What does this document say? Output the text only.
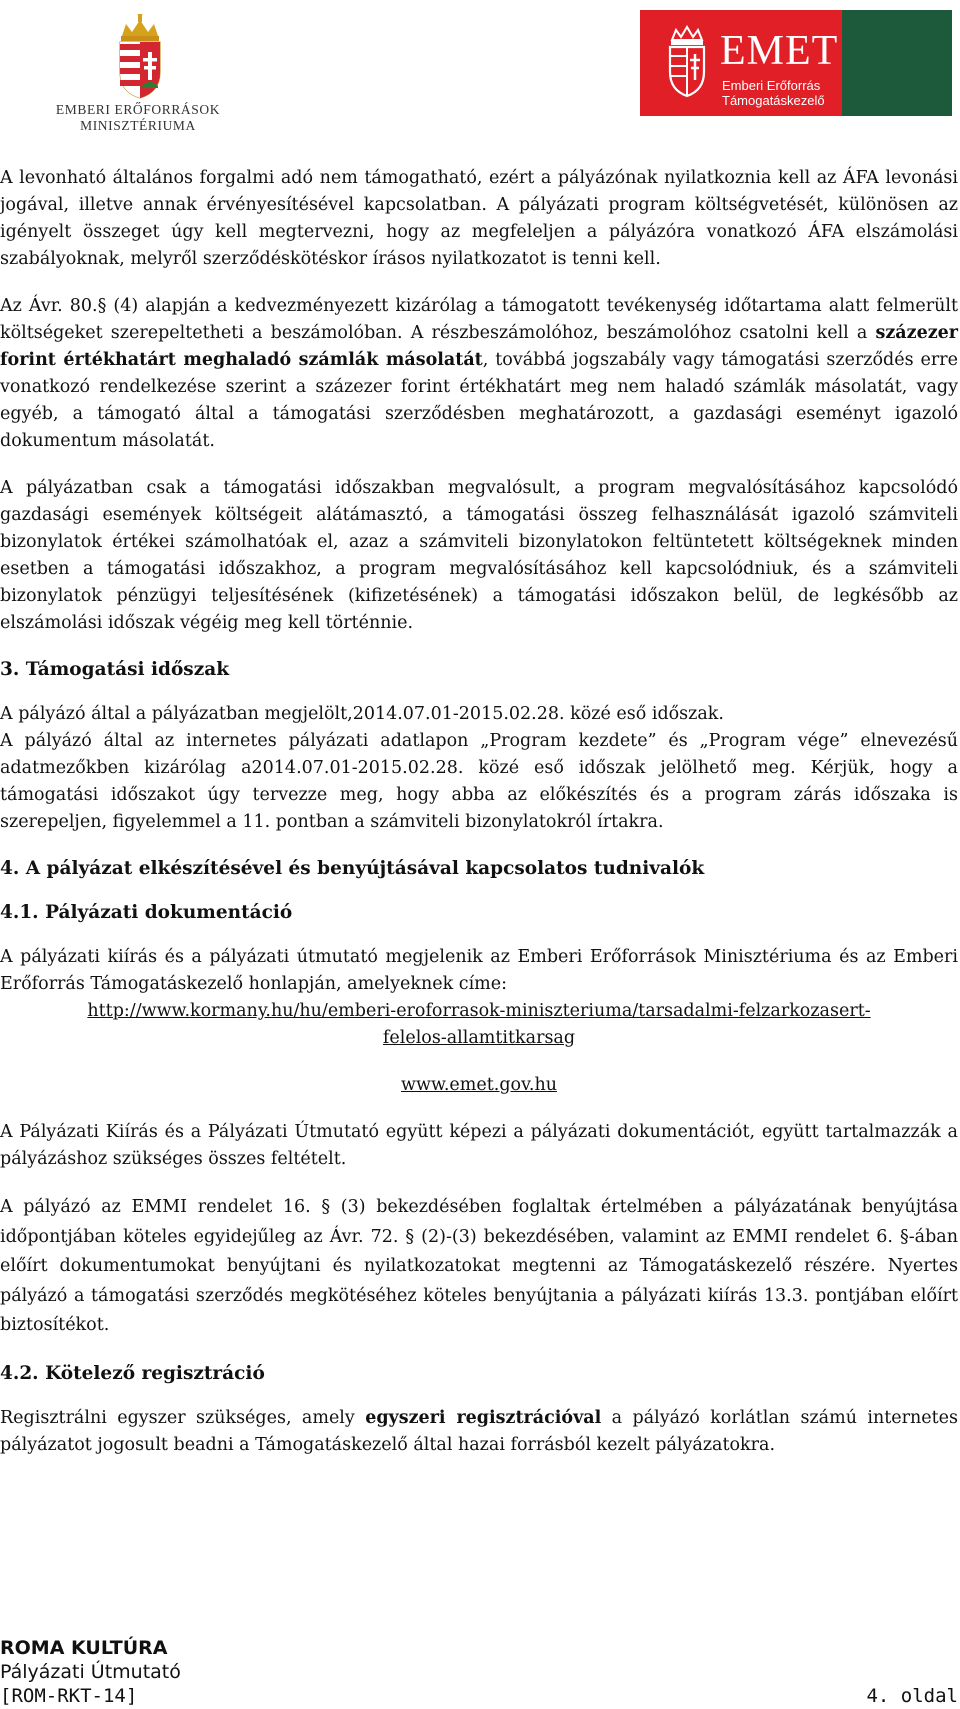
EMBERI ERŐFORRÁSOK
MINISZTÉRIUMA
EMET
Emberi Erőforrás
Támogatáskezelő

A levonható általános forgalmi adó nem támogatható, ezért a pályázónak nyilatkoznia kell az ÁFA levonási jogával, illetve annak érvényesítésével kapcsolatban. A pályázati program költségvetését, különösen az igényelt összeget úgy kell megtervezni, hogy az megfeleljen a pályázóra vonatkozó ÁFA elszámolási szabályoknak, melyről szerződéskötéskor írásos nyilatkozatot is tenni kell.

Az Ávr. 80.§ (4) alapján a kedvezményezett kizárólag a támogatott tevékenység időtartama alatt felmerült költségeket szerepeltetheti a beszámolóban. A részbeszámolóhoz, beszámolóhoz csatolni kell a százezer forint értékhatárt meghaladó számlák másolatát, továbbá jogszabály vagy támogatási szerződés erre vonatkozó rendelkezése szerint a százezer forint értékhatárt meg nem haladó számlák másolatát, vagy egyéb, a támogató által a támogatási szerződésben meghatározott, a gazdasági eseményt igazoló dokumentum másolatát.

A pályázatban csak a támogatási időszakban megvalósult, a program megvalósításához kapcsolódó gazdasági események költségeit alátámasztó, a támogatási összeg felhasználását igazoló számviteli bizonylatok értékei számolhatóak el, azaz a számviteli bizonylatokon feltüntetett költségeknek minden esetben a támogatási időszakhoz, a program megvalósításához kell kapcsolódniuk, és a számviteli bizonylatok pénzügyi teljesítésének (kifizetésének) a támogatási időszakon belül, de legkésőbb az elszámolási időszak végéig meg kell történnie.

3. Támogatási időszak

A pályázó által a pályázatban megjelölt,2014.07.01-2015.02.28. közé eső időszak.

A pályázó által az internetes pályázati adatlapon „Program kezdete” és „Program vége” elnevezésű adatmezőkben kizárólag a2014.07.01-2015.02.28. közé eső időszak jelölhető meg. Kérjük, hogy a támogatási időszakot úgy tervezze meg, hogy abba az előkészítés és a program zárás időszaka is szerepeljen, figyelemmel a 11. pontban a számviteli bizonylatokról írtakra.

4. A pályázat elkészítésével és benyújtásával kapcsolatos tudnivalók
4.1. Pályázati dokumentáció

A pályázati kiírás és a pályázati útmutató megjelenik az Emberi Erőforrások Minisztériuma és az Emberi Erőforrás Támogatáskezelő honlapján, amelyeknek címe:

http://www.kormany.hu/hu/emberi-eroforrasok-miniszteriuma/tarsadalmi-felzarkozasert-
felelos-allamtitkarsag

www.emet.gov.hu

A Pályázati Kiírás és a Pályázati Útmutató együtt képezi a pályázati dokumentációt, együtt tartalmazzák a pályázáshoz szükséges összes feltételt.

A pályázó az EMMI rendelet 16. § (3) bekezdésében foglaltak értelmében a pályázatának benyújtása időpontjában köteles egyidejűleg az Ávr. 72. § (2)-(3) bekezdésében, valamint az EMMI rendelet 6. §-ában előírt dokumentumokat benyújtani és nyilatkozatokat megtenni az Támogatáskezelő részére. Nyertes pályázó a támogatási szerződés megkötéséhez köteles benyújtania a pályázati kiírás 13.3. pontjában előírt biztosítékot.

4.2. Kötelező regisztráció

Regisztrálni egyszer szükséges, amely egyszeri regisztrációval a pályázó korlátlan számú internetes pályázatot jogosult beadni a Támogatáskezelő által hazai forrásból kezelt pályázatokra.

ROMA KULTÚRA
Pályázati Útmutató
[ROM-RKT-14]	4. oldal
